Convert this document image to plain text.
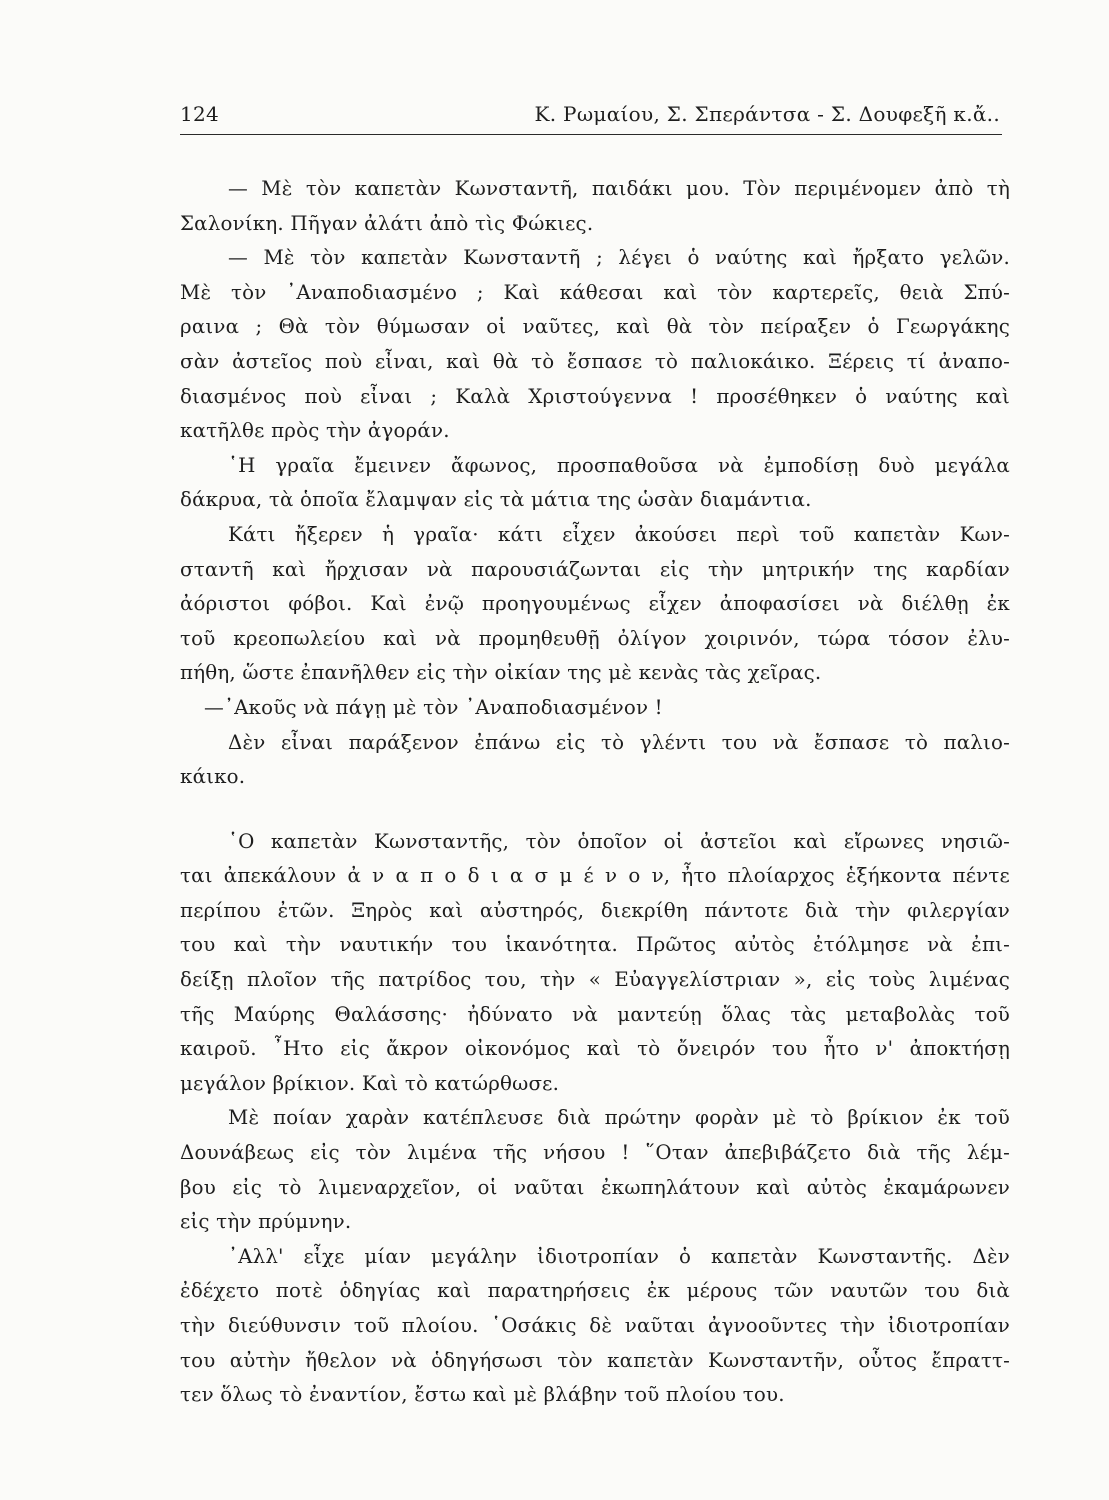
124	Κ. Ρωμαίου, Σ. Σπεράντσα - Σ. Δουφεξῆ κ.ἄ..
— Μὲ τὸν καπετὰν Κωνσταντῆ, παιδάκι μου. Τὸν περιμένομεν ἀπὸ τὴ
Σαλονίκη. Πῆγαν ἀλάτι ἀπὸ τὶς Φώκιες.
— Μὲ τὸν καπετὰν Κωνσταντῆ ; λέγει ὁ ναύτης καὶ ἤρξατο γελῶν.
Μὲ τὸν ᾿Αναποδιασμένο ; Καὶ κάθεσαι καὶ τὸν καρτερεῖς, θειὰ Σπύ-
ραινα ; Θὰ τὸν θύμωσαν οἱ ναῦτες, καὶ θὰ τὸν πείραξεν ὁ Γεωργάκης
σὰν ἀστεῖος ποὺ εἶναι, καὶ θὰ τὸ ἔσπασε τὸ παλιοκάικο. Ξέρεις τί ἀναπο-
διασμένος ποὺ εἶναι ; Καλὰ Χριστούγεννα ! προσέθηκεν ὁ ναύτης καὶ
κατῆλθε πρὸς τὴν ἀγοράν.
῾Η γραῖα ἔμεινεν ἄφωνος, προσπαθοῦσα νὰ ἐμποδίσῃ δυὸ μεγάλα
δάκρυα, τὰ ὁποῖα ἔλαμψαν εἰς τὰ μάτια της ὡσὰν διαμάντια.
Κάτι ἤξερεν ἡ γραῖα· κάτι εἶχεν ἀκούσει περὶ τοῦ καπετὰν Κων-
σταντῆ καὶ ἤρχισαν νὰ παρουσιάζωνται εἰς τὴν μητρικήν της καρδίαν
ἀόριστοι φόβοι. Καὶ ἐνῷ προηγουμένως εἶχεν ἀποφασίσει νὰ διέλθῃ ἐκ
τοῦ κρεοπωλείου καὶ νὰ προμηθευθῇ ὀλίγον χοιρινόν, τώρα τόσον ἐλυ-
πήθη, ὥστε ἐπανῆλθεν εἰς τὴν οἰκίαν της μὲ κενὰς τὰς χεῖρας.
—᾿Ακοῦς νὰ πάγῃ μὲ τὸν ᾿Αναποδιασμένον !
Δὲν εἶναι παράξενον ἐπάνω εἰς τὸ γλέντι του νὰ ἔσπασε τὸ παλιο-
κάικο.
῾Ο καπετὰν Κωνσταντῆς, τὸν ὁποῖον οἱ ἀστεῖοι καὶ εἴρωνες νησιῶ-
ται ἀπεκάλουν ἀ ν α π ο δ ι α σ μ έ ν ο ν, ἦτο πλοίαρχος ἑξήκοντα πέντε
περίπου ἐτῶν. Ξηρὸς καὶ αὐστηρός, διεκρίθη πάντοτε διὰ τὴν φιλεργίαν
του καὶ τὴν ναυτικήν του ἱκανότητα. Πρῶτος αὐτὸς ἐτόλμησε νὰ ἐπι-
δείξῃ πλοῖον τῆς πατρίδος του, τὴν « Εὐαγγελίστριαν », εἰς τοὺς λιμένας
τῆς Μαύρης Θαλάσσης· ἠδύνατο νὰ μαντεύῃ ὅλας τὰς μεταβολὰς τοῦ
καιροῦ. ῏Ητο εἰς ἄκρον οἰκονόμος καὶ τὸ ὄνειρόν του ἦτο ν' ἀποκτήσῃ
μεγάλον βρίκιον. Καὶ τὸ κατώρθωσε.
Μὲ ποίαν χαρὰν κατέπλευσε διὰ πρώτην φορὰν μὲ τὸ βρίκιον ἐκ τοῦ
Δουνάβεως εἰς τὸν λιμένα τῆς νήσου ! ῞Οταν ἀπεβιβάζετο διὰ τῆς λέμ-
βου εἰς τὸ λιμεναρχεῖον, οἱ ναῦται ἐκωπηλάτουν καὶ αὐτὸς ἐκαμάρωνεν
εἰς τὴν πρύμνην.
᾿Αλλ' εἶχε μίαν μεγάλην ἰδιοτροπίαν ὁ καπετὰν Κωνσταντῆς. Δὲν
ἐδέχετο ποτὲ ὁδηγίας καὶ παρατηρήσεις ἐκ μέρους τῶν ναυτῶν του διὰ
τὴν διεύθυνσιν τοῦ πλοίου. ῾Οσάκις δὲ ναῦται ἀγνοοῦντες τὴν ἰδιοτροπίαν
του αὐτὴν ἤθελον νὰ ὁδηγήσωσι τὸν καπετὰν Κωνσταντῆν, οὗτος ἔπραττ-
τεν ὅλως τὸ ἐναντίον, ἔστω καὶ μὲ βλάβην τοῦ πλοίου του.
